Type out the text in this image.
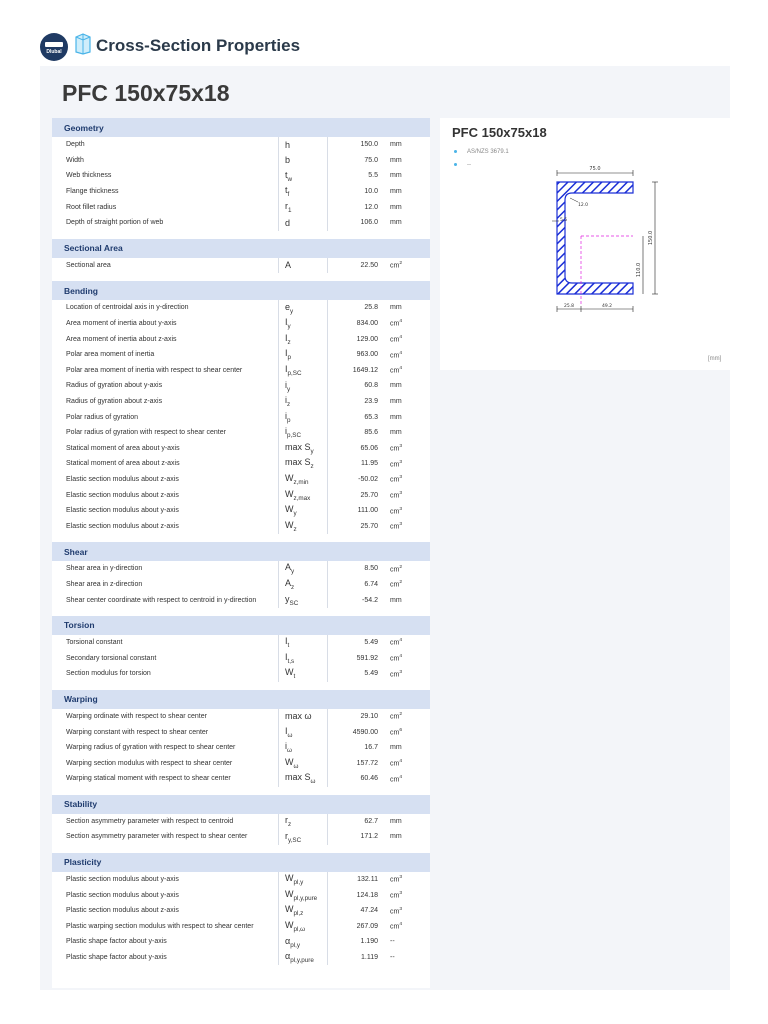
Dlubal	Cross-Section Properties
PFC 150x75x18
Geometry			
Depth	h	150.0	mm
Width	b	75.0	mm
Web thickness	$t_w$	5.5	mm
Flange thickness	$t_f$	10.0	mm
Root fillet radius	$r_1$	12.0	mm
Depth of straight portion of web	d	106.0	mm

Sectional Area			
Sectional area	A	22.50	$cm^2$

Bending			
Location of centroidal axis in y-direction	$e_y$	25.8	mm
Area moment of inertia about y-axis	$I_y$	834.00	$cm^4$
Area moment of inertia about z-axis	$I_z$	129.00	$cm^4$
Polar area moment of inertia	$I_p$	963.00	$cm^4$
Polar area moment of inertia with respect to shear center	$I_{p,SC}$	1649.12	$cm^4$
Radius of gyration about y-axis	$i_y$	60.8	mm
Radius of gyration about z-axis	$i_z$	23.9	mm
Polar radius of gyration	$i_p$	65.3	mm
Polar radius of gyration with respect to shear center	$i_{p,SC}$	85.6	mm
Statical moment of area about y-axis	$\max S_y$	65.06	$cm^3$
Statical moment of area about z-axis	$\max S_z$	11.95	$cm^3$
Elastic section modulus about z-axis	$W_{z,min}$	-50.02	$cm^3$
Elastic section modulus about z-axis	$W_{z,max}$	25.70	$cm^3$
Elastic section modulus about y-axis	$W_y$	111.00	$cm^3$
Elastic section modulus about z-axis	$W_z$	25.70	$cm^3$

Shear			
Shear area in y-direction	$A_y$	8.50	$cm^2$
Shear area in z-direction	$A_z$	6.74	$cm^2$
Shear center coordinate with respect to centroid in y-direction	$y_{SC}$	-54.2	mm

Torsion			
Torsional constant	$I_t$	5.49	$cm^4$
Secondary torsional constant	$I_{t,s}$	591.92	$cm^4$
Section modulus for torsion	$W_t$	5.49	$cm^3$

Warping			
Warping ordinate with respect to shear center	max ω	29.10	$cm^2$
Warping constant with respect to shear center	$I_\omega$	4590.00	$cm^6$
Warping radius of gyration with respect to shear center	$i_\omega$	16.7	mm
Warping section modulus with respect to shear center	$W_\omega$	157.72	$cm^4$
Warping statical moment with respect to shear center	$\max S_\omega$	60.46	$cm^4$

Stability			
Section asymmetry parameter with respect to centroid	$r_z$	62.7	mm
Section asymmetry parameter with respect to shear center	$r_{y,SC}$	171.2	mm

Plasticity			
Plastic section modulus about y-axis	$W_{pl,y}$	132.11	$cm^3$
Plastic section modulus about y-axis	$W_{pl,y,pure}$	124.18	$cm^3$
Plastic section modulus about z-axis	$W_{pl,z}$	47.24	$cm^3$
Plastic warping section modulus with respect to shear center	$W_{pl,\omega}$	267.09	$cm^4$
Plastic shape factor about y-axis	$\alpha_{pl,y}$	1.190	--
Plastic shape factor about y-axis	$\alpha_{pl,y,pure}$	1.119	--
PFC 150x75x18
AS/NZS 3679.1
--
75.0
150.0
110.0
12.0
5.5
25.8	49.2
[mm]
